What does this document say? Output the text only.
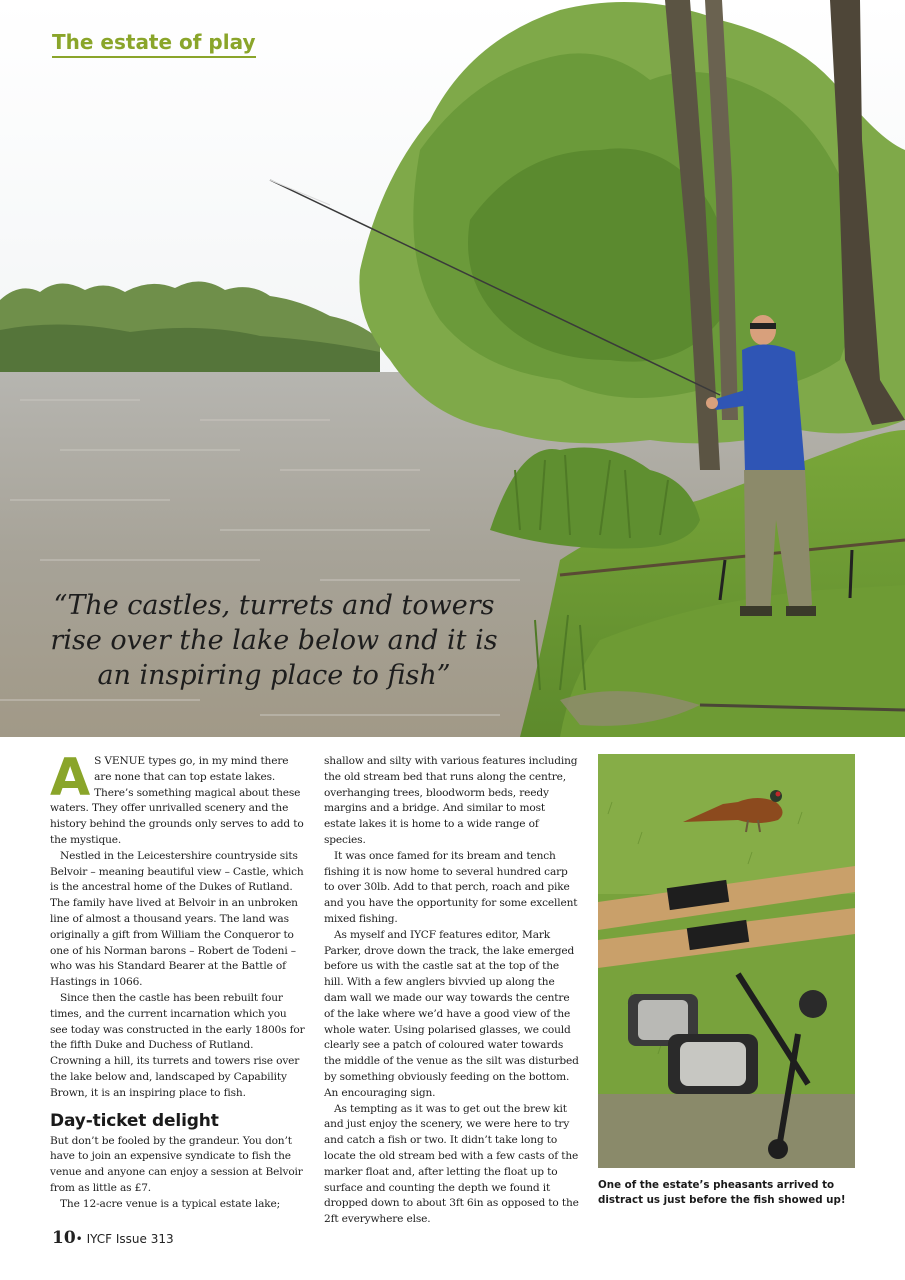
The estate of play
“The castles, turrets and towers rise over the lake below and it is an inspiring place to fish”
A S VENUE types go, in my mind there are none that can top estate lakes. There’s something magical about these waters. They offer unrivalled scenery and the history behind the grounds only serves to add to the mystique.

Nestled in the Leicestershire countryside sits Belvoir – meaning beautiful view – Castle, which is the ancestral home of the Dukes of Rutland. The family have lived at Belvoir in an unbroken line of almost a thousand years. The land was originally a gift from William the Conqueror to one of his Norman barons – Robert de Todeni – who was his Standard Bearer at the Battle of Hastings in 1066.

Since then the castle has been rebuilt four times, and the current incarnation which you see today was constructed in the early 1800s for the fifth Duke and Duchess of Rutland. Crowning a hill, its turrets and towers rise over the lake below and, landscaped by Capability Brown, it is an inspiring place to fish.

Day-ticket delight

But don’t be fooled by the grandeur. You don’t have to join an expensive syndicate to fish the venue and anyone can enjoy a session at Belvoir from as little as £7.

The 12-acre venue is a typical estate lake;

shallow and silty with various features including the old stream bed that runs along the centre, overhanging trees, bloodworm beds, reedy margins and a bridge. And similar to most estate lakes it is home to a wide range of species.

It was once famed for its bream and tench fishing it is now home to several hundred carp to over 30lb. Add to that perch, roach and pike and you have the opportunity for some excellent mixed fishing.

As myself and IYCF features editor, Mark Parker, drove down the track, the lake emerged before us with the castle sat at the top of the hill. With a few anglers bivvied up along the dam wall we made our way towards the centre of the lake where we’d have a good view of the whole water. Using polarised glasses, we could clearly see a patch of coloured water towards the middle of the venue as the silt was disturbed by something obviously feeding on the bottom. An encouraging sign.

As tempting as it was to get out the brew kit and just enjoy the scenery, we were here to try and catch a fish or two. It didn’t take long to locate the old stream bed with a few casts of the marker float and, after letting the float up to surface and counting the depth we found it dropped down to about 3ft 6in as opposed to the 2ft everywhere else.

One of the estate’s pheasants arrived to distract us just before the fish showed up!
10• IYCF Issue 313
